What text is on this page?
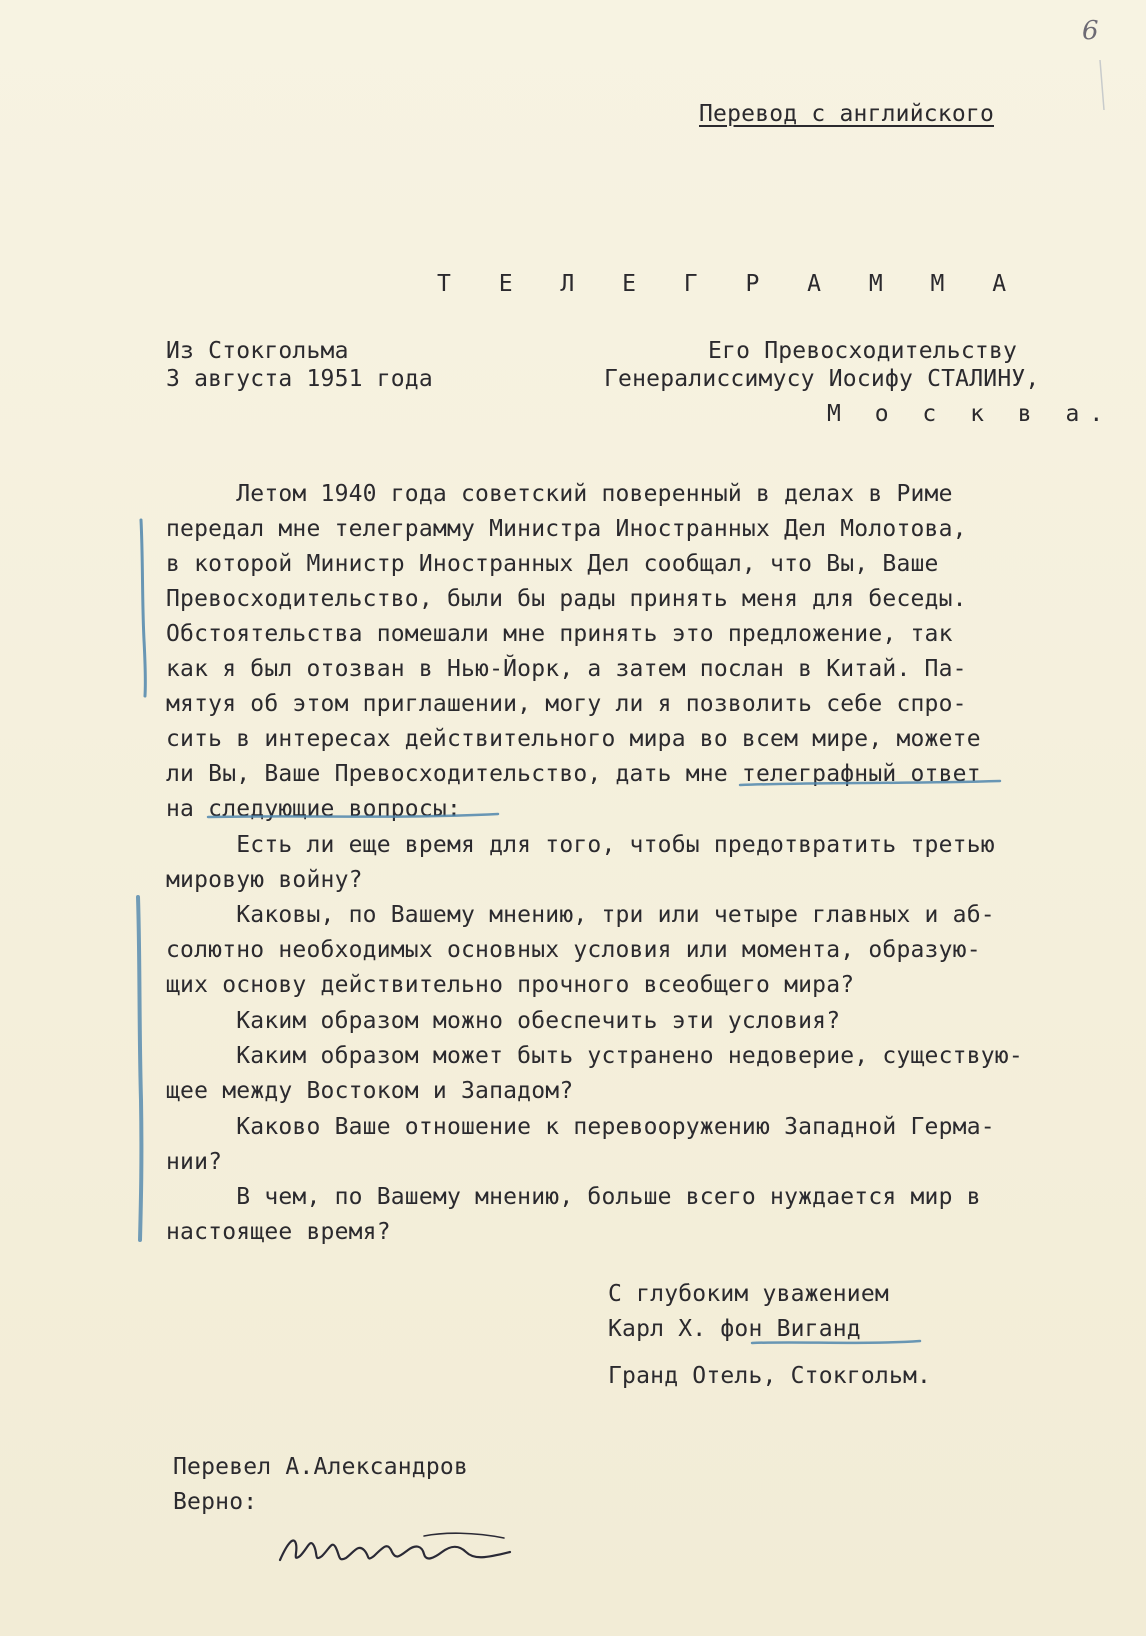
6
Перевод с английского
Т Е Л Е Г Р А М М А
Из Стокгольма
3 августа 1951 года
Его Превосходительству
Генералиссимусу Иосифу СТАЛИНУ,
М о с к в а.
Летом 1940 года советский поверенный в делах в Риме
передал мне телеграмму Министра Иностранных Дел Молотова,
в которой Министр Иностранных Дел сообщал, что Вы, Ваше
Превосходительство, были бы рады принять меня для беседы.
Обстоятельства помешали мне принять это предложение, так
как я был отозван в Нью-Йорк, а затем послан в Китай. Па-
мятуя об этом приглашении, могу ли я позволить себе спро-
сить в интересах действительного мира во всем мире, можете
ли Вы, Ваше Превосходительство, дать мне телеграфный ответ
на следующие вопросы:
Есть ли еще время для того, чтобы предотвратить третью
мировую войну?
Каковы, по Вашему мнению, три или четыре главных и аб-
солютно необходимых основных условия или момента, образую-
щих основу действительно прочного всеобщего мира?
Каким образом можно обеспечить эти условия?
Каким образом может быть устранено недоверие, существую-
щее между Востоком и Западом?
Каково Ваше отношение к перевооружению Западной Герма-
нии?
В чем, по Вашему мнению, больше всего нуждается мир в
настоящее время?
С глубоким уважением
Карл Х. фон Виганд
Гранд Отель, Стокгольм.
Перевел А.Александров
Верно:
